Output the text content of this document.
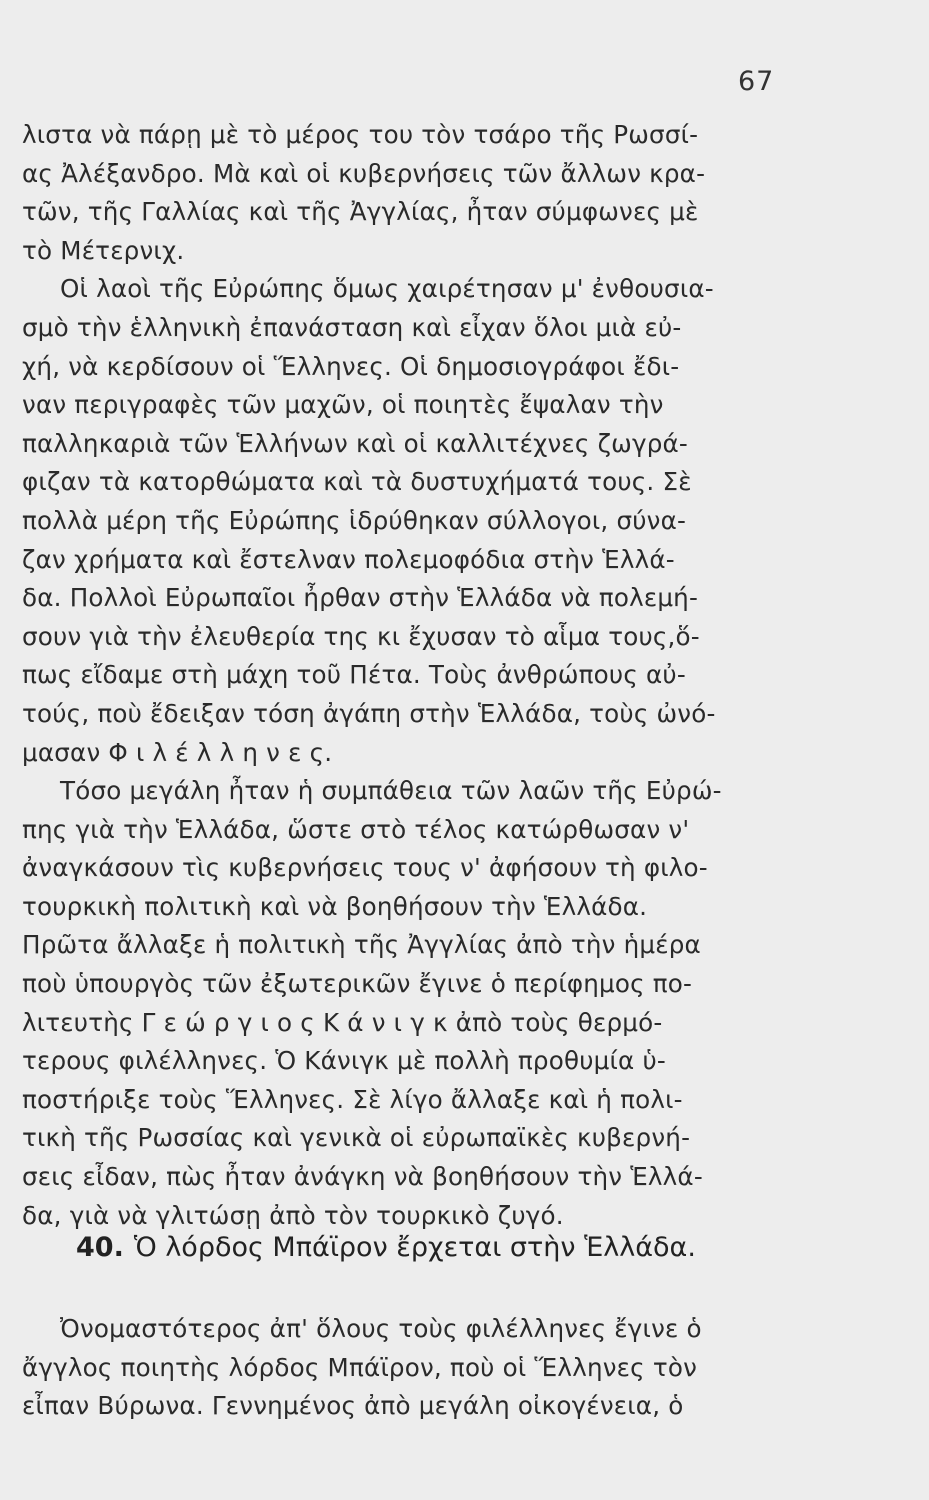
67
λιστα νὰ πάρῃ μὲ τὸ μέρος του τὸν τσάρο τῆς Ρωσσί-
ας Ἀλέξανδρο. Μὰ καὶ οἱ κυβερνήσεις τῶν ἄλλων κρα-
τῶν, τῆς Γαλλίας καὶ τῆς Ἀγγλίας, ἦταν σύμφωνες μὲ
τὸ Μέτερνιχ.
Οἱ λαοὶ τῆς Εὐρώπης ὅμως χαιρέτησαν μ' ἐνθουσια-
σμὸ τὴν ἑλληνικὴ ἐπανάσταση καὶ εἶχαν ὅλοι μιὰ εὐ-
χή, νὰ κερδίσουν οἱ Ἕλληνες. Οἱ δημοσιογράφοι ἔδι-
ναν περιγραφὲς τῶν μαχῶν, οἱ ποιητὲς ἔψαλαν τὴν
παλληκαριὰ τῶν Ἑλλήνων καὶ οἱ καλλιτέχνες ζωγρά-
φιζαν τὰ κατορθώματα καὶ τὰ δυστυχήματά τους. Σὲ
πολλὰ μέρη τῆς Εὐρώπης ἱδρύθηκαν σύλλογοι, σύνα-
ζαν χρήματα καὶ ἔστελναν πολεμοφόδια στὴν Ἑλλά-
δα. Πολλοὶ Εὐρωπαῖοι ἦρθαν στὴν Ἑλλάδα νὰ πολεμή-
σουν γιὰ τὴν ἐλευθερία της κι ἔχυσαν τὸ αἷμα τους,ὅ-
πως εἴδαμε στὴ μάχη τοῦ Πέτα. Τοὺς ἀνθρώπους αὐ-
τούς, ποὺ ἔδειξαν τόση ἀγάπη στὴν Ἑλλάδα, τοὺς ὠνό-
μασαν Φ ι λ έ λ λ η ν ε ς.
Τόσο μεγάλη ἦταν ἡ συμπάθεια τῶν λαῶν τῆς Εὐρώ-
πης γιὰ τὴν Ἑλλάδα, ὥστε στὸ τέλος κατώρθωσαν ν'
ἀναγκάσουν τὶς κυβερνήσεις τους ν' ἀφήσουν τὴ φιλο-
τουρκικὴ πολιτικὴ καὶ νὰ βοηθήσουν τὴν Ἑλλάδα.
Πρῶτα ἄλλαξε ἡ πολιτικὴ τῆς Ἀγγλίας ἀπὸ τὴν ἡμέρα
ποὺ ὑπουργὸς τῶν ἐξωτερικῶν ἔγινε ὁ περίφημος πο-
λιτευτὴς Γ ε ώ ρ γ ι ο ς Κ ά ν ι γ κ ἀπὸ τοὺς θερμό-
τερους φιλέλληνες. Ὁ Κάνιγκ μὲ πολλὴ προθυμία ὑ-
ποστήριξε τοὺς Ἕλληνες. Σὲ λίγο ἄλλαξε καὶ ἡ πολι-
τικὴ τῆς Ρωσσίας καὶ γενικὰ οἱ εὐρωπαϊκὲς κυβερνή-
σεις εἶδαν, πὼς ἦταν ἀνάγκη νὰ βοηθήσουν τὴν Ἑλλά-
δα, γιὰ νὰ γλιτώσῃ ἀπὸ τὸν τουρκικὸ ζυγό.
40. Ὁ λόρδος Μπάϊρον ἔρχεται στὴν Ἑλλάδα.
Ὀνομαστότερος ἀπ' ὅλους τοὺς φιλέλληνες ἔγινε ὁ
ἄγγλος ποιητὴς λόρδος Μπάϊρον, ποὺ οἱ Ἕλληνες τὸν
εἶπαν Βύρωνα. Γεννημένος ἀπὸ μεγάλη οἰκογένεια, ὁ
